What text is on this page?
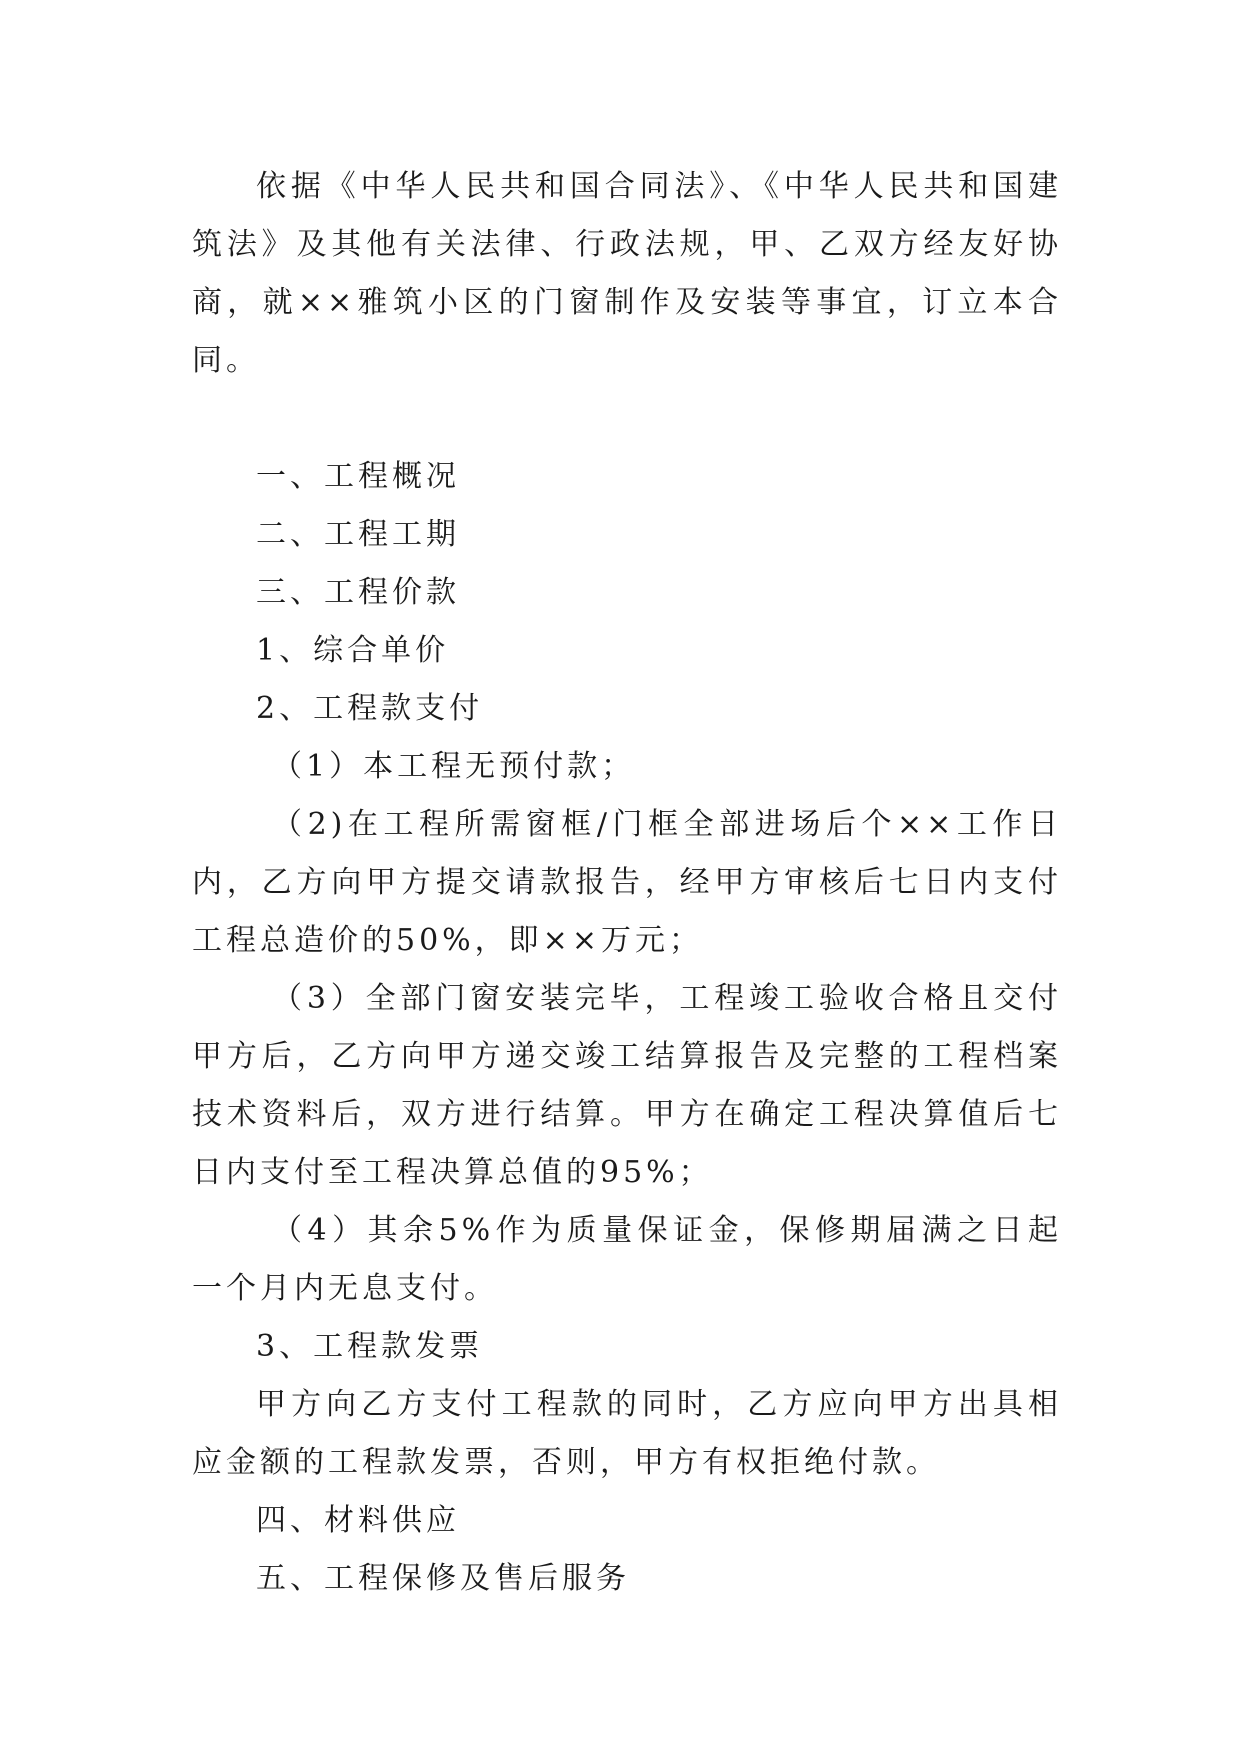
依据《中华人民共和国合同法》、《中华人民共和国建筑法》及其他有关法律、行政法规，甲、乙双方经友好协商，就××雅筑小区的门窗制作及安装等事宜，订立本合同。

一、工程概况

二、工程工期

三、工程价款

1、综合单价

2、工程款支付

（1）本工程无预付款；

（2)在工程所需窗框/门框全部进场后个××工作日内，乙方向甲方提交请款报告，经甲方审核后七日内支付工程总造价的50%，即××万元；

（3）全部门窗安装完毕，工程竣工验收合格且交付甲方后，乙方向甲方递交竣工结算报告及完整的工程档案技术资料后，双方进行结算。甲方在确定工程决算值后七日内支付至工程决算总值的95%；

（4）其余5%作为质量保证金，保修期届满之日起一个月内无息支付。

3、工程款发票

甲方向乙方支付工程款的同时，乙方应向甲方出具相应金额的工程款发票，否则，甲方有权拒绝付款。

四、材料供应

五、工程保修及售后服务
